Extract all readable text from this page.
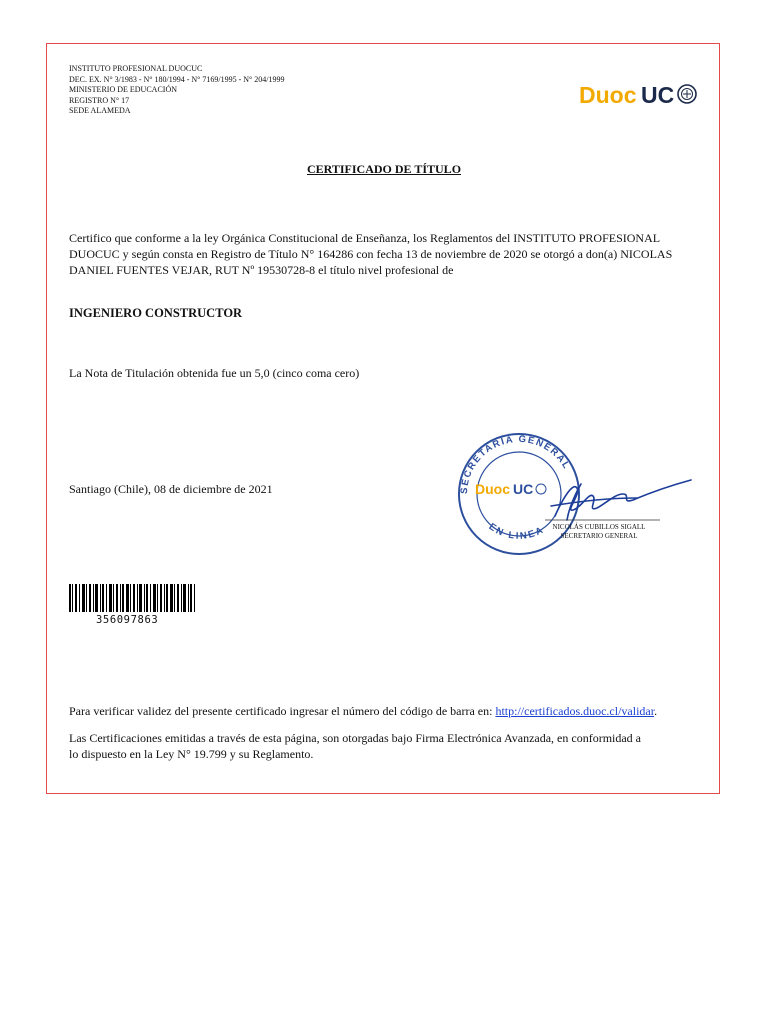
INSTITUTO PROFESIONAL DUOCUC
DEC. EX. N° 3/1983 - N° 180/1994 - N° 7169/1995 - N° 204/1999
MINISTERIO DE EDUCACIÓN
REGISTRO N° 17
SEDE ALAMEDA
Duoc UC
CERTIFICADO DE TÍTULO
Certifico que conforme a la ley Orgánica Constitucional de Enseñanza, los Reglamentos del INSTITUTO PROFESIONAL
DUOCUC y según consta en Registro de Título N° 164286 con fecha 13 de noviembre de 2020 se otorgó a don(a) NICOLAS
DANIEL FUENTES VEJAR, RUT Nº 19530728-8 el título nivel profesional de
INGENIERO CONSTRUCTOR
La Nota de Titulación obtenida fue un 5,0 (cinco coma cero)
Santiago (Chile), 08 de diciembre de 2021	SECRETARIA GENERAL
EN LINEA
Duoc UC
NICOLÁS CUBILLOS SIGALL
SECRETARIO GENERAL
356097863
Para verificar validez del presente certificado ingresar el número del código de barra en: http://certificados.duoc.cl/validar.
Las Certificaciones emitidas a través de esta página, son otorgadas bajo Firma Electrónica Avanzada, en conformidad a
lo dispuesto en la Ley N° 19.799 y su Reglamento.
